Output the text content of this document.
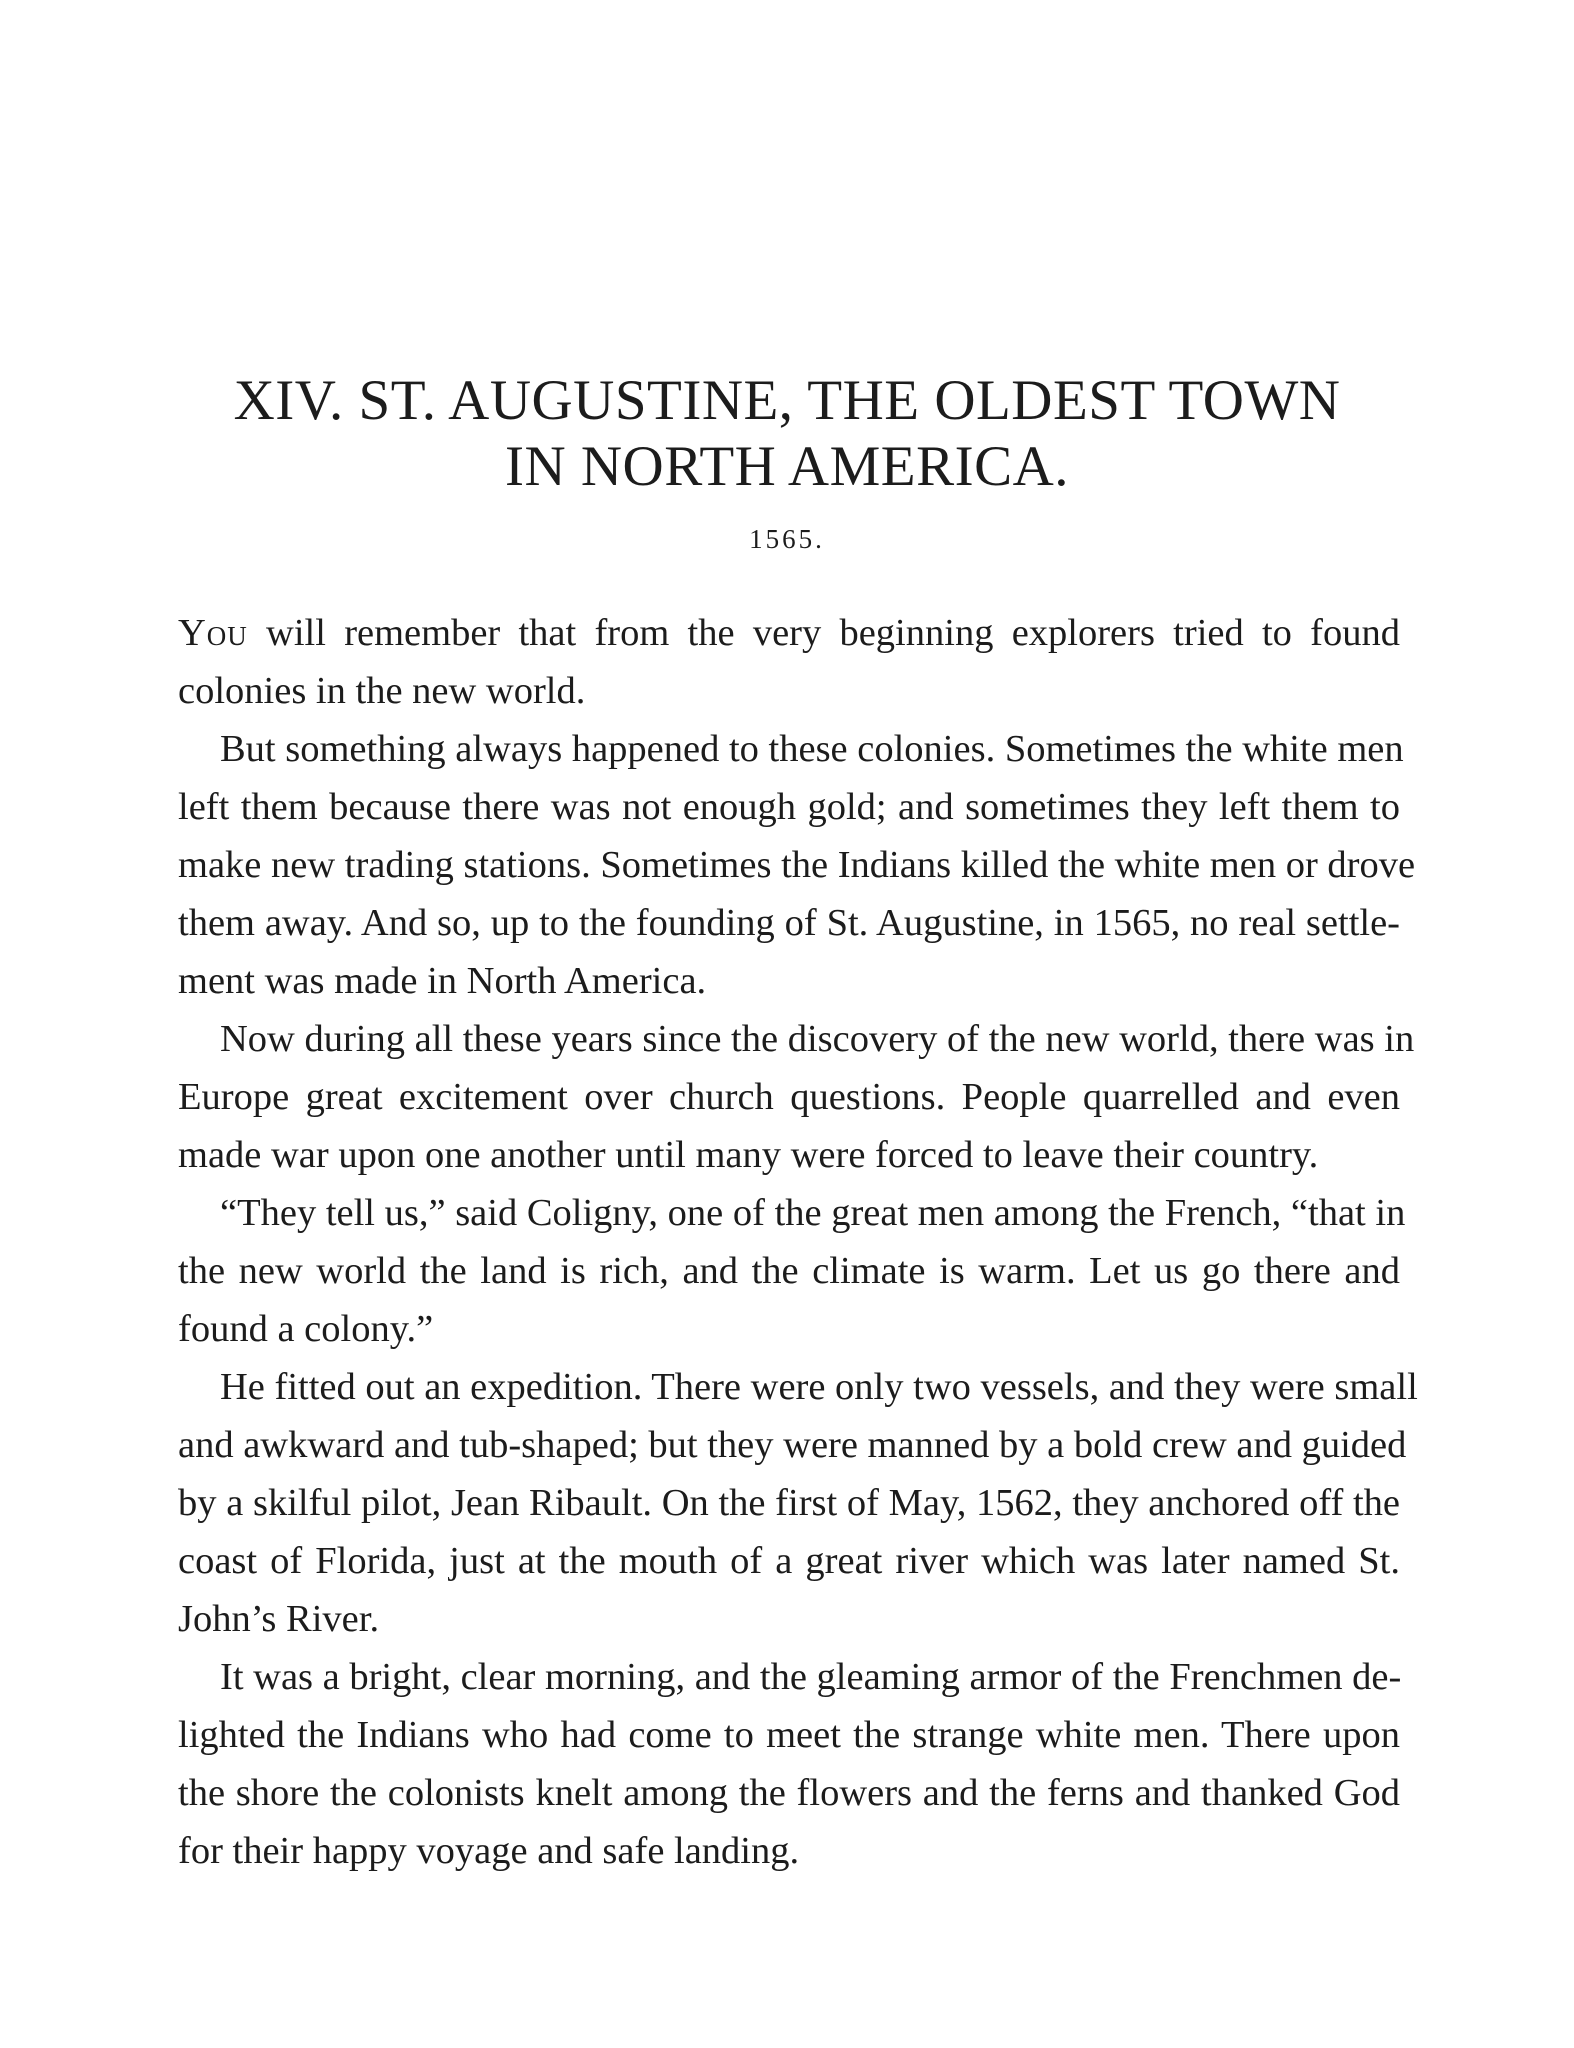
XIV. ST. AUGUSTINE, THE OLDEST TOWN
IN NORTH AMERICA.
1565.
You will remember that from the very beginning explorers tried to found
colonies in the new world.
But something always happened to these colonies. Sometimes the white men
left them because there was not enough gold; and sometimes they left them to
make new trading stations. Sometimes the Indians killed the white men or drove
them away. And so, up to the founding of St. Augustine, in 1565, no real settle-
ment was made in North America.
Now during all these years since the discovery of the new world, there was in
Europe great excitement over church questions. People quarrelled and even
made war upon one another until many were forced to leave their country.
“They tell us,” said Coligny, one of the great men among the French, “that in
the new world the land is rich, and the climate is warm. Let us go there and
found a colony.”
He fitted out an expedition. There were only two vessels, and they were small
and awkward and tub-shaped; but they were manned by a bold crew and guided
by a skilful pilot, Jean Ribault. On the first of May, 1562, they anchored off the
coast of Florida, just at the mouth of a great river which was later named St.
John’s River.
It was a bright, clear morning, and the gleaming armor of the Frenchmen de-
lighted the Indians who had come to meet the strange white men. There upon
the shore the colonists knelt among the flowers and the ferns and thanked God
for their happy voyage and safe landing.
